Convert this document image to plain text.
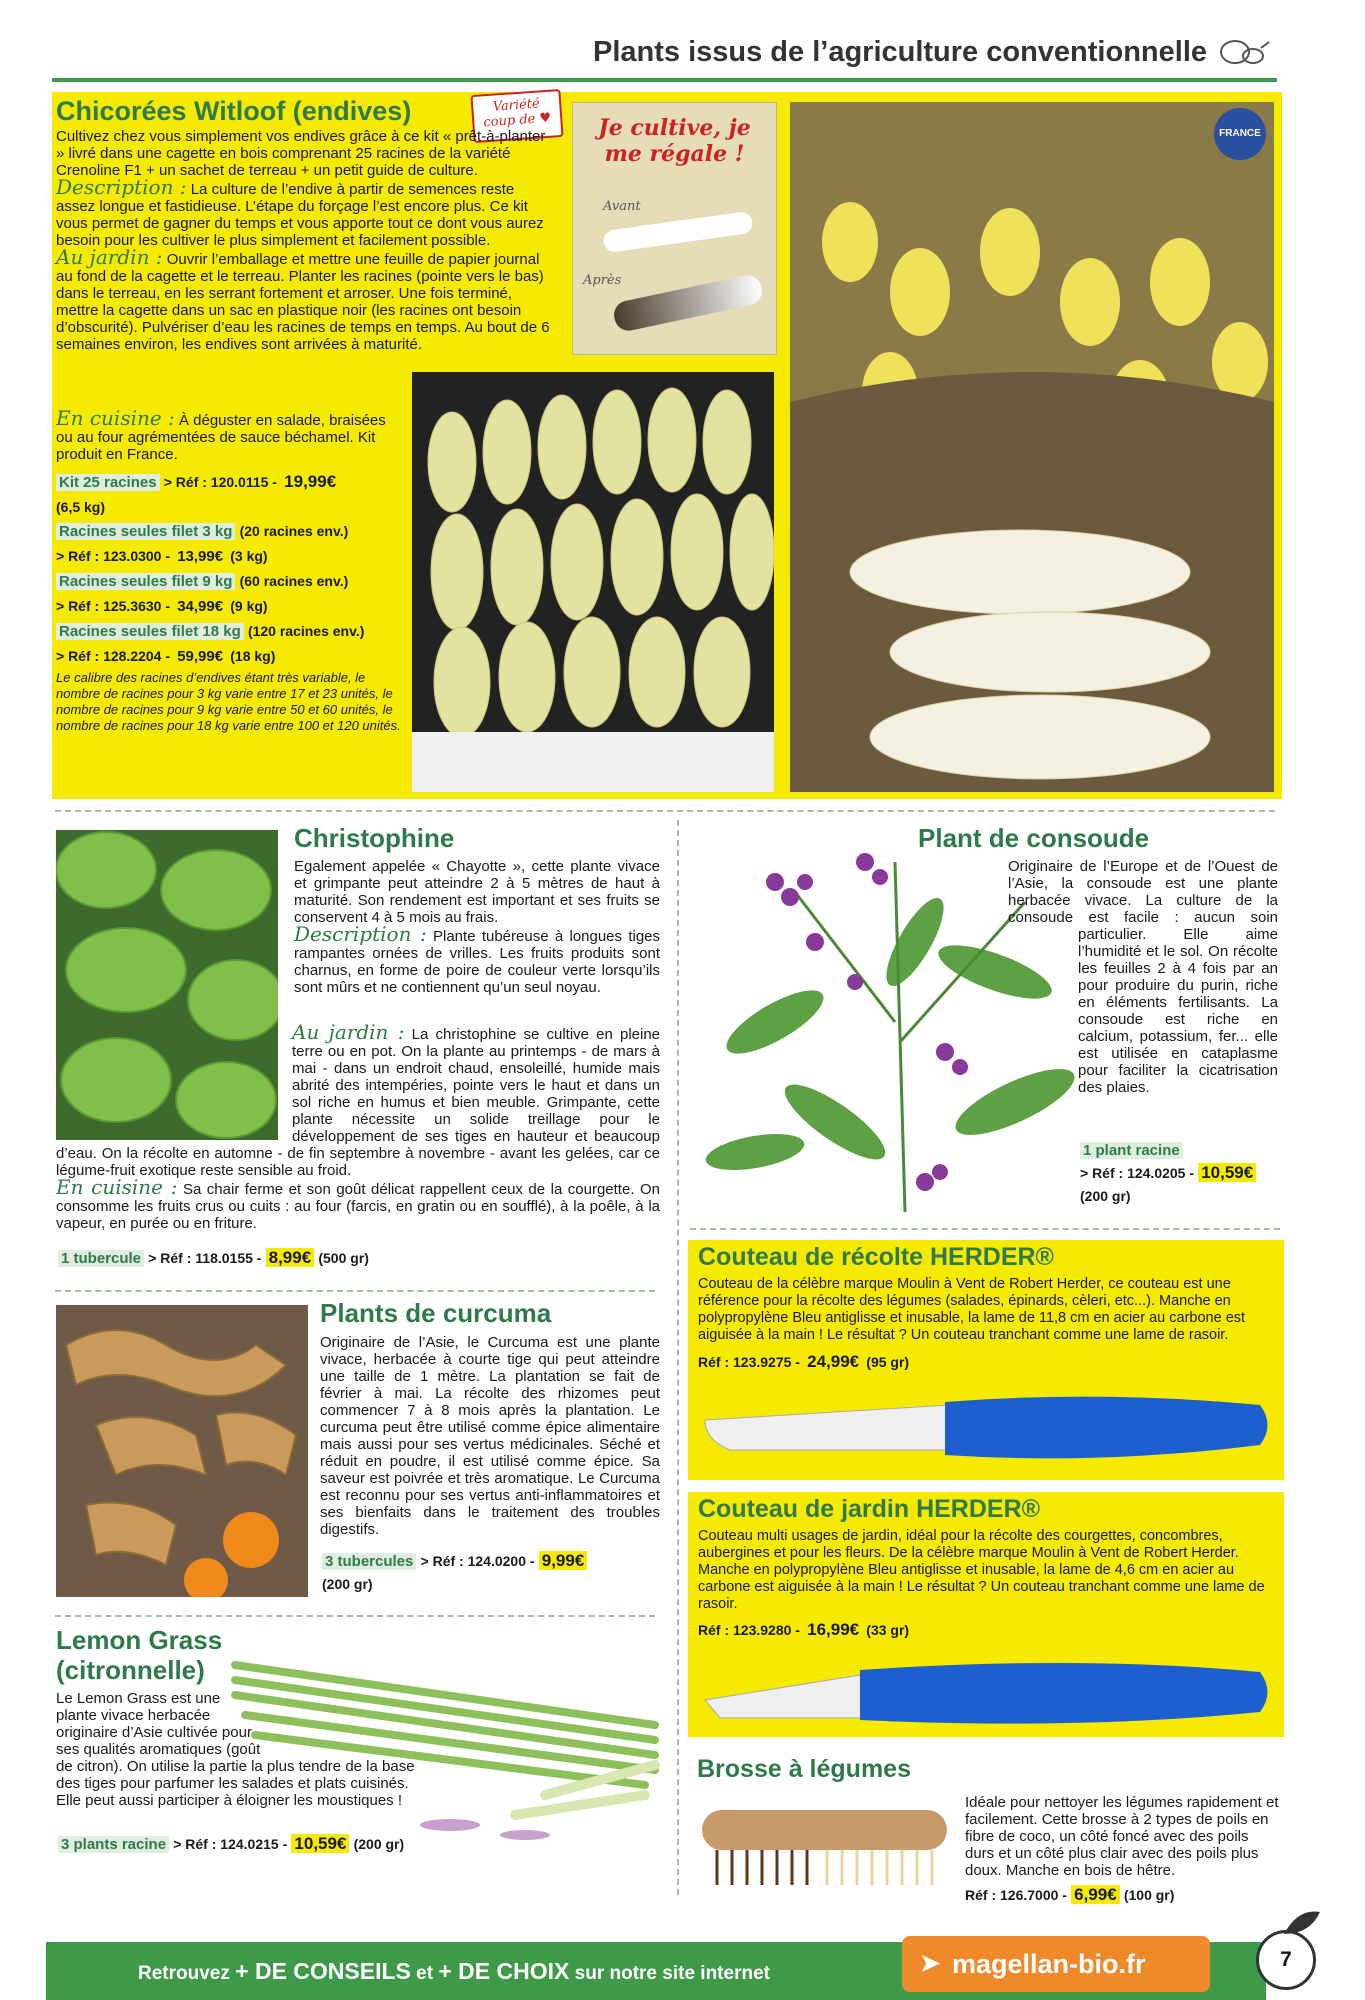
Plants issus de l’agriculture conventionnelle
Chicorées Witloof (endives)	Variété coup de ♥

Cultivez chez vous simplement vos endives grâce à ce kit « prêt-à-planter » livré dans une cagette en bois comprenant 25 racines de la variété Crenoline F1 + un sachet de terreau + un petit guide de culture.

Description : La culture de l’endive à partir de semences reste assez longue et fastidieuse. L’étape du forçage l’est encore plus. Ce kit vous permet de gagner du temps et vous apporte tout ce dont vous aurez besoin pour les cultiver le plus simplement et facilement possible.

Au jardin : Ouvrir l’emballage et mettre une feuille de papier journal au fond de la cagette et le terreau. Planter les racines (pointe vers le bas) dans le terreau, en les serrant fortement et arroser. Une fois terminé, mettre la cagette dans un sac en plastique noir (les racines ont besoin d’obscurité). Pulvériser d’eau les racines de temps en temps. Au bout de 6 semaines environ, les endives sont arrivées à maturité.

En cuisine : À déguster en salade, braisées ou au four agrémentées de sauce béchamel. Kit produit en France.

Kit 25 racines > Réf : 120.0115 - 19,99€
(6,5 kg)
Racines seules filet 3 kg (20 racines env.)
> Réf : 123.0300 - 13,99€ (3 kg)
Racines seules filet 9 kg (60 racines env.)
> Réf : 125.3630 - 34,99€ (9 kg)
Racines seules filet 18 kg (120 racines env.)
> Réf : 128.2204 - 59,99€ (18 kg)
Le calibre des racines d’endives étant très variable, le nombre de racines pour 3 kg varie entre 17 et 23 unités, le nombre de racines pour 9 kg varie entre 50 et 60 unités, le nombre de racines pour 18 kg varie entre 100 et 120 unités.
Je cultive, je me régale !
Avant
Après
FRANCE
Christophine

Egalement appelée « Chayotte », cette plante vivace et grimpante peut atteindre 2 à 5 mètres de haut à maturité. Son rendement est important et ses fruits se conservent 4 à 5 mois au frais.

Description : Plante tubéreuse à longues tiges rampantes ornées de vrilles. Les fruits produits sont charnus, en forme de poire de couleur verte lorsqu’ils sont mûrs et ne contiennent qu’un seul noyau.

Au jardin : La christophine se cultive en pleine terre ou en pot. On la plante au printemps - de mars à mai - dans un endroit chaud, ensoleillé, humide mais abrité des intempéries, pointe vers le haut et dans un sol riche en humus et bien meuble. Grimpante, cette plante nécessite un solide treillage pour le développement de ses tiges en hauteur et beaucoup d’eau. On la récolte en automne - de fin septembre à novembre - avant les gelées, car ce légume-fruit exotique reste sensible au froid.

En cuisine : Sa chair ferme et son goût délicat rappellent ceux de la courgette. On consomme les fruits crus ou cuits : au four (farcis, en gratin ou en soufflé), à la poêle, à la vapeur, en purée ou en friture.

1 tubercule > Réf : 118.0155 - 8,99€ (500 gr)
Plants de curcuma
Originaire de l’Asie, le Curcuma est une plante vivace, herbacée à courte tige qui peut atteindre une taille de 1 mètre. La plantation se fait de février à mai. La récolte des rhizomes peut commencer 7 à 8 mois après la plantation. Le curcuma peut être utilisé comme épice alimentaire mais aussi pour ses vertus médicinales. Séché et réduit en poudre, il est utilisé comme épice. Sa saveur est poivrée et très aromatique. Le Curcuma est reconnu pour ses vertus anti-inflammatoires et ses bienfaits dans le traitement des troubles digestifs.
3 tubercules > Réf : 124.0200 - 9,99€
(200 gr)
Lemon Grass
(citronnelle)
Le Lemon Grass est une plante vivace herbacée originaire d’Asie cultivée pour ses qualités aromatiques (goût de citron). On utilise la partie la plus tendre de la base des tiges pour parfumer les salades et plats cuisinés. Elle peut aussi participer à éloigner les moustiques !
3 plants racine > Réf : 124.0215 - 10,59€ (200 gr)
Plant de consoude
Originaire de l’Europe et de l’Ouest de l’Asie, la consoude est une plante herbacée vivace. La culture de la consoude est facile : aucun soin particulier. Elle aime l’humidité et le sol. On récolte les feuilles 2 à 4 fois par an pour produire du purin, riche en éléments fertilisants. La consoude est riche en calcium, potassium, fer... elle est utilisée en cataplasme pour faciliter la cicatrisation des plaies.
1 plant racine
> Réf : 124.0205 - 10,59€
(200 gr)
Couteau de récolte HERDER®
Couteau de la célèbre marque Moulin à Vent de Robert Herder, ce couteau est une référence pour la récolte des légumes (salades, épinards, cèleri, etc...). Manche en polypropylène Bleu antiglisse et inusable, la lame de 11,8 cm en acier au carbone est aiguisée à la main ! Le résultat ? Un couteau tranchant comme une lame de rasoir.
Réf : 123.9275 - 24,99€ (95 gr)
Couteau de jardin HERDER®
Couteau multi usages de jardin, idéal pour la récolte des courgettes, concombres, aubergines et pour les fleurs. De la célèbre marque Moulin à Vent de Robert Herder. Manche en polypropylène Bleu antiglisse et inusable, la lame de 4,6 cm en acier au carbone est aiguisée à la main ! Le résultat ? Un couteau tranchant comme une lame de rasoir.
Réf : 123.9280 - 16,99€ (33 gr)
Brosse à légumes
Idéale pour nettoyer les légumes rapidement et facilement. Cette brosse à 2 types de poils en fibre de coco, un côté foncé avec des poils durs et un côté plus clair avec des poils plus doux. Manche en bois de hêtre.
Réf : 126.7000 - 6,99€ (100 gr)
Retrouvez + DE CONSEILS et + DE CHOIX sur notre site internet	➤ magellan-bio.fr	7
